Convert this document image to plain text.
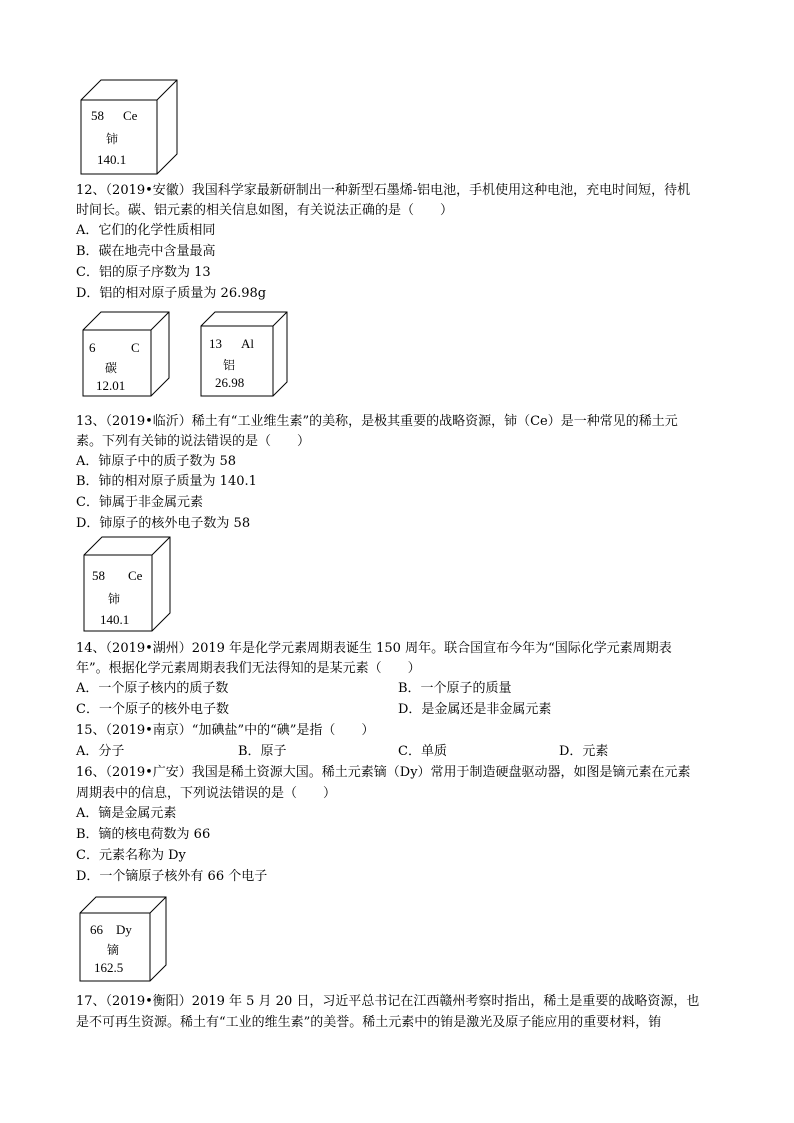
58 Ce
铈
140.1
12、（2019•安徽）我国科学家最新研制出一种新型石墨烯-铝电池，手机使用这种电池，充电时间短，待机
时间长。碳、铝元素的相关信息如图，有关说法正确的是（　　）
A．它们的化学性质相同
B．碳在地壳中含量最高
C．铝的原子序数为 13
D．铝的相对原子质量为 26.98g
6	C
碳
12.01
13 Al
铝
26.98
13、（2019•临沂）稀土有“工业维生素”的美称，是极其重要的战略资源，铈（Ce）是一种常见的稀土元
素。下列有关铈的说法错误的是（　　）
A．铈原子中的质子数为 58
B．铈的相对原子质量为 140.1
C．铈属于非金属元素
D．铈原子的核外电子数为 58
58 Ce
铈
140.1
14、（2019•湖州）2019 年是化学元素周期表诞生 150 周年。联合国宣布今年为“国际化学元素周期表
年”。根据化学元素周期表我们无法得知的是某元素（　　）
A．一个原子核内的质子数	B．一个原子的质量
C．一个原子的核外电子数	D．是金属还是非金属元素
15、（2019•南京）“加碘盐”中的“碘”是指（　　）
A．分子	B．原子	C．单质	D．元素
16、（2019•广安）我国是稀土资源大国。稀土元素镝（Dy）常用于制造硬盘驱动器，如图是镝元素在元素
周期表中的信息，下列说法错误的是（　　）
A．镝是金属元素
B．镝的核电荷数为 66
C．元素名称为 Dy
D．一个镝原子核外有 66 个电子
66 Dy
镝
162.5
17、（2019•衡阳）2019 年 5 月 20 日，习近平总书记在江西赣州考察时指出，稀土是重要的战略资源，也
是不可再生资源。稀土有“工业的维生素”的美誉。稀土元素中的铕是激光及原子能应用的重要材料，铕
